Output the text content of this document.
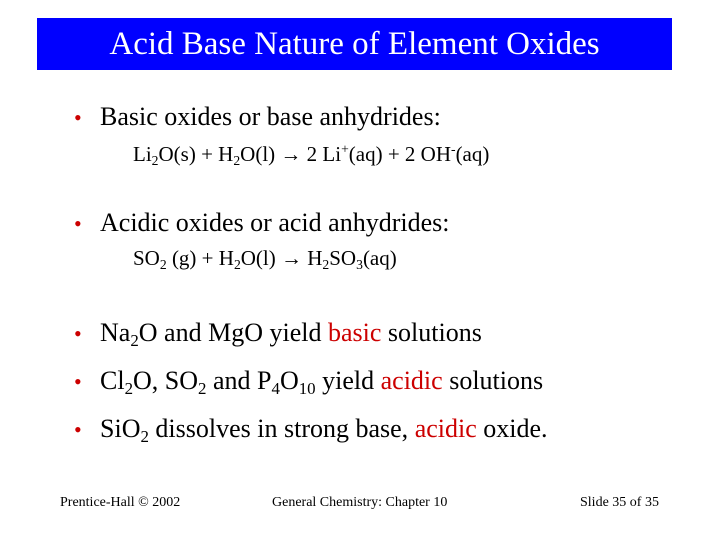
Acid Base Nature of Element Oxides
• Basic oxides or base anhydrides:
$Li_2O(s) + H_2O(l) \to 2$ Li+(aq) + 2 OH-(aq)
• Acidic oxides or acid anhydrides:
$SO_2$ $(g) + H_2O(l) \to H_2SO_3(aq)$
• $Na_2O$ and MgO yield basic solutions
• $Cl_2O$, $SO_2$ and $P_4O_{10}$ yield acidic solutions
• SiO$_2$ dissolves in strong base, acidic oxide.
Prentice-Hall © 2002	General Chemistry: Chapter 10	Slide 35 of 35
